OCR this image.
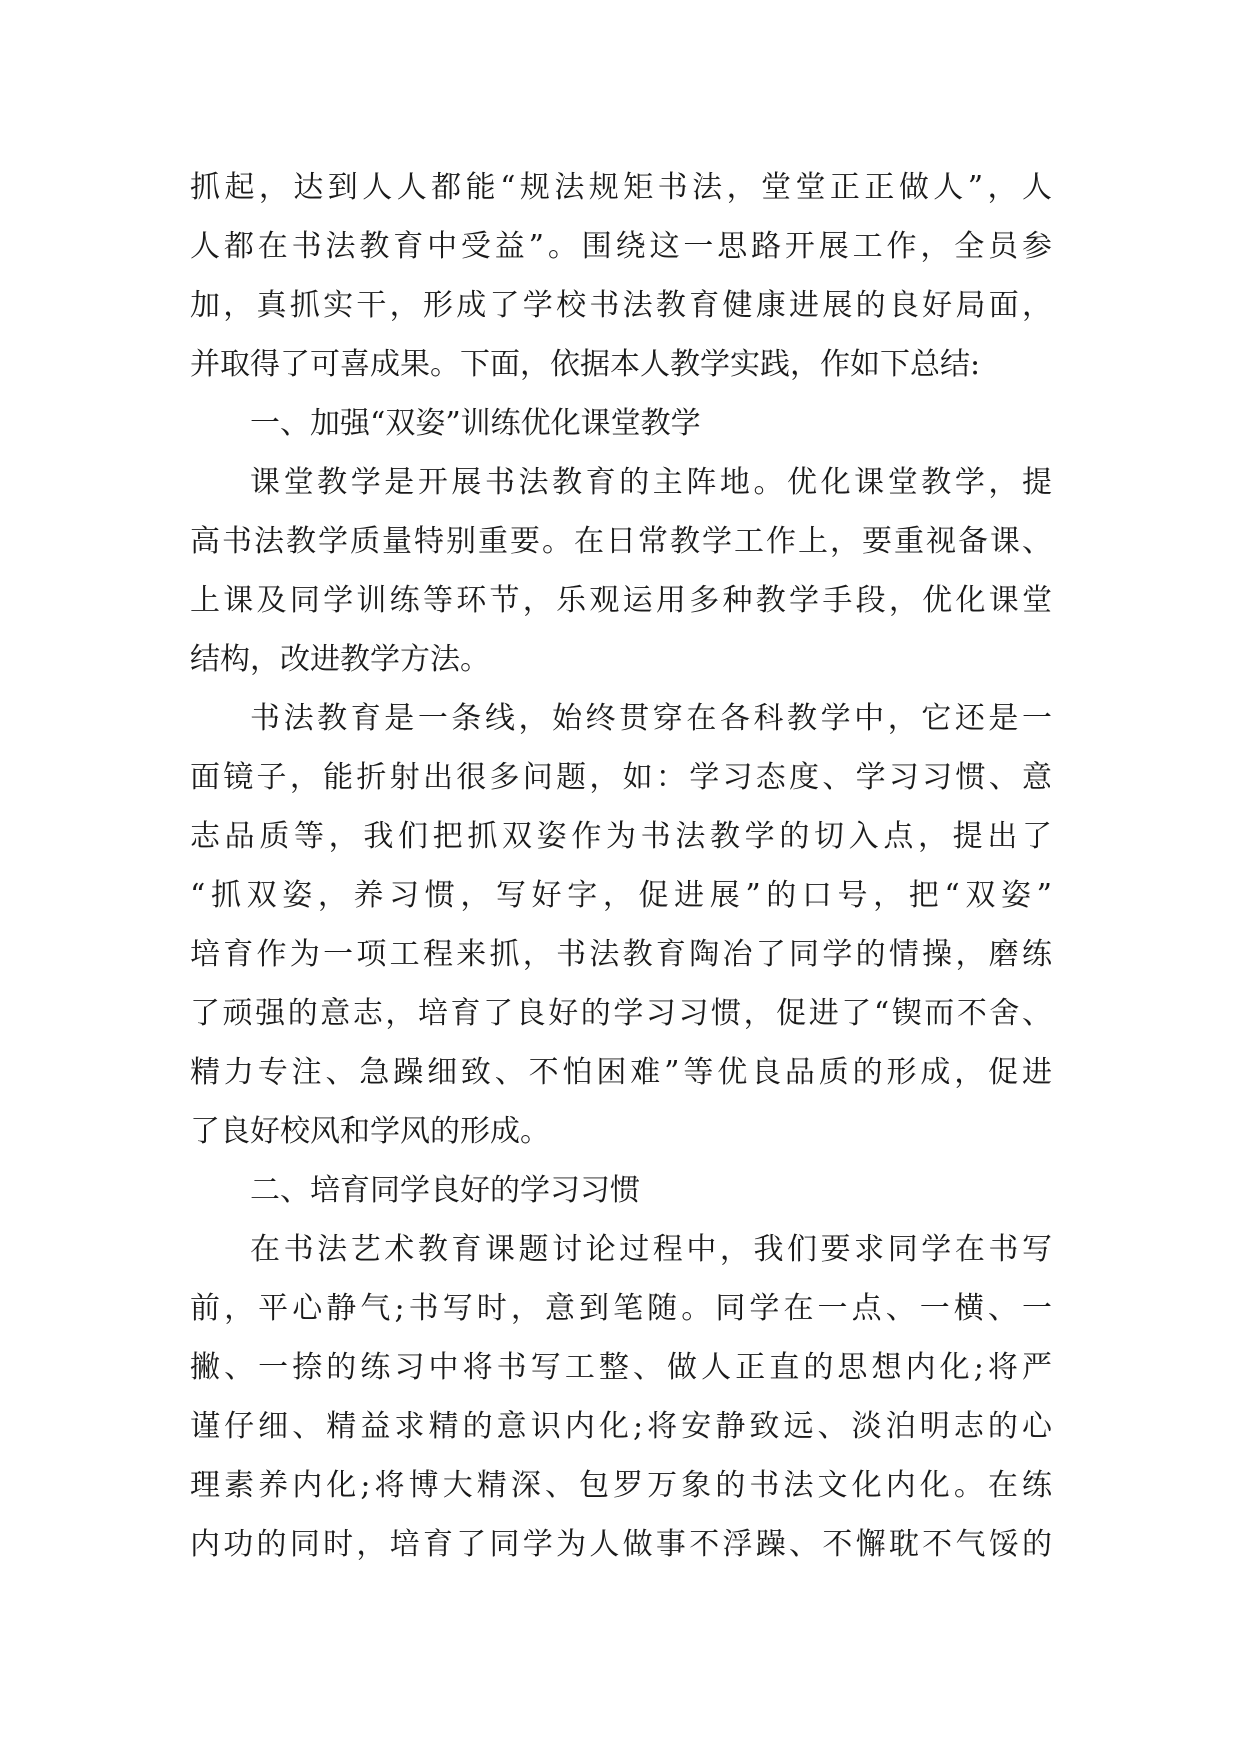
抓起，达到人人都能“规法规矩书法，堂堂正正做人”，人
人都在书法教育中受益”。围绕这一思路开展工作，全员参
加，真抓实干，形成了学校书法教育健康进展的良好局面，
并取得了可喜成果。下面，依据本人教学实践，作如下总结:
一、加强“双姿”训练优化课堂教学
课堂教学是开展书法教育的主阵地。优化课堂教学，提
高书法教学质量特别重要。在日常教学工作上，要重视备课、
上课及同学训练等环节，乐观运用多种教学手段，优化课堂
结构，改进教学方法。
书法教育是一条线，始终贯穿在各科教学中，它还是一
面镜子，能折射出很多问题，如：学习态度、学习习惯、意
志品质等，我们把抓双姿作为书法教学的切入点，提出了
“抓双姿，养习惯，写好字，促进展”的口号，把“双姿”
培育作为一项工程来抓，书法教育陶冶了同学的情操，磨练
了顽强的意志，培育了良好的学习习惯，促进了“锲而不舍、
精力专注、急躁细致、不怕困难”等优良品质的形成，促进
了良好校风和学风的形成。
二、培育同学良好的学习习惯
在书法艺术教育课题讨论过程中，我们要求同学在书写
前，平心静气;书写时，意到笔随。同学在一点、一横、一
撇、一捺的练习中将书写工整、做人正直的思想内化;将严
谨仔细、精益求精的意识内化;将安静致远、淡泊明志的心
理素养内化;将博大精深、包罗万象的书法文化内化。在练
内功的同时，培育了同学为人做事不浮躁、不懈耽不气馁的
